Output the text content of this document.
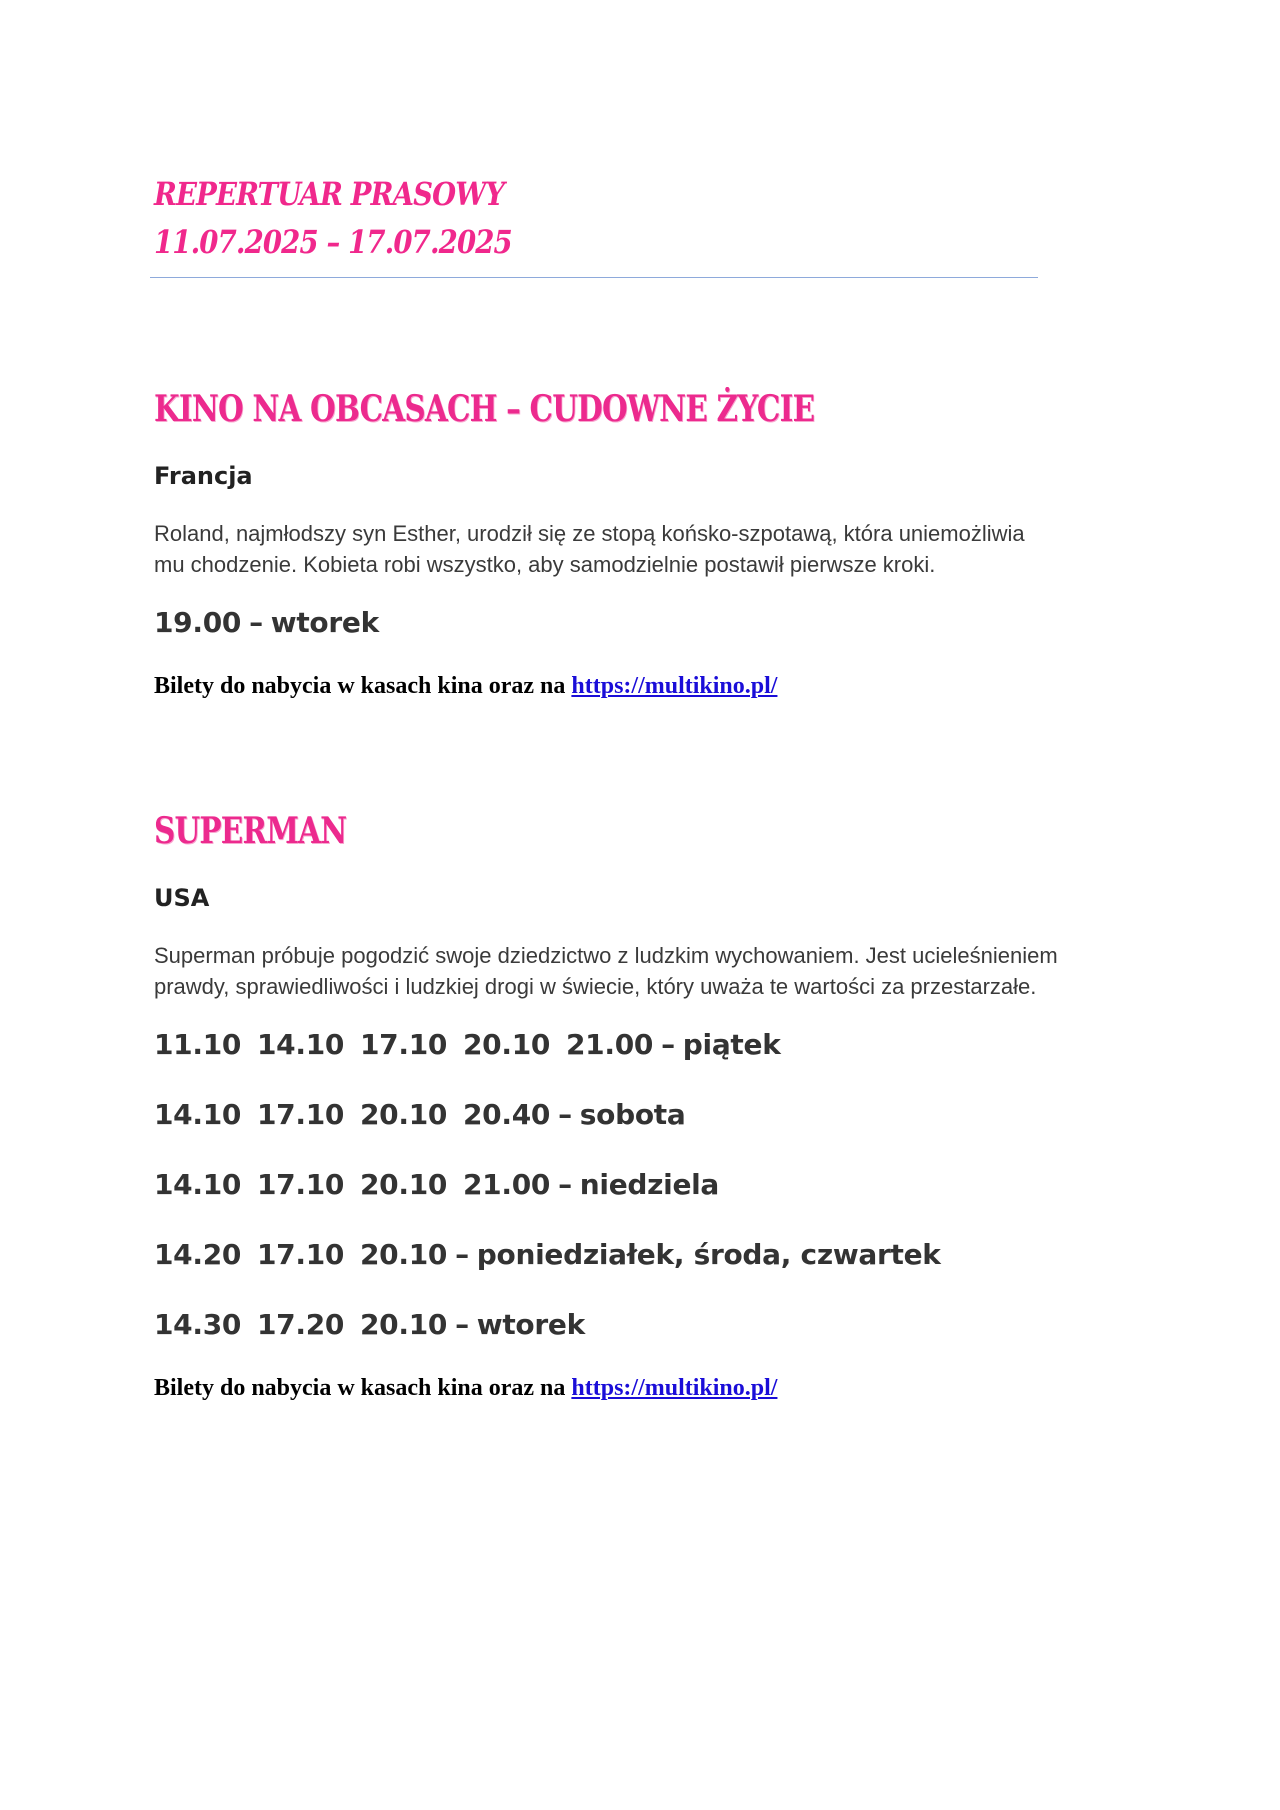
REPERTUAR PRASOWY
11.07.2025 – 17.07.2025
KINO NA OBCASACH – CUDOWNE ŻYCIE
Francja
Roland, najmłodszy syn Esther, urodził się ze stopą końsko-szpotawą, która uniemożliwia
mu chodzenie. Kobieta robi wszystko, aby samodzielnie postawił pierwsze kroki.
19.00 – wtorek
Bilety do nabycia w kasach kina oraz na https://multikino.pl/
SUPERMAN
USA
Superman próbuje pogodzić swoje dziedzictwo z ludzkim wychowaniem. Jest ucieleśnieniem
prawdy, sprawiedliwości i ludzkiej drogi w świecie, który uważa te wartości za przestarzałe.
11.10 14.10 17.10 20.10 21.00 – piątek
14.10 17.10 20.10 20.40 – sobota
14.10 17.10 20.10 21.00 – niedziela
14.20 17.10 20.10 – poniedziałek, środa, czwartek
14.30 17.20 20.10 – wtorek
Bilety do nabycia w kasach kina oraz na https://multikino.pl/
